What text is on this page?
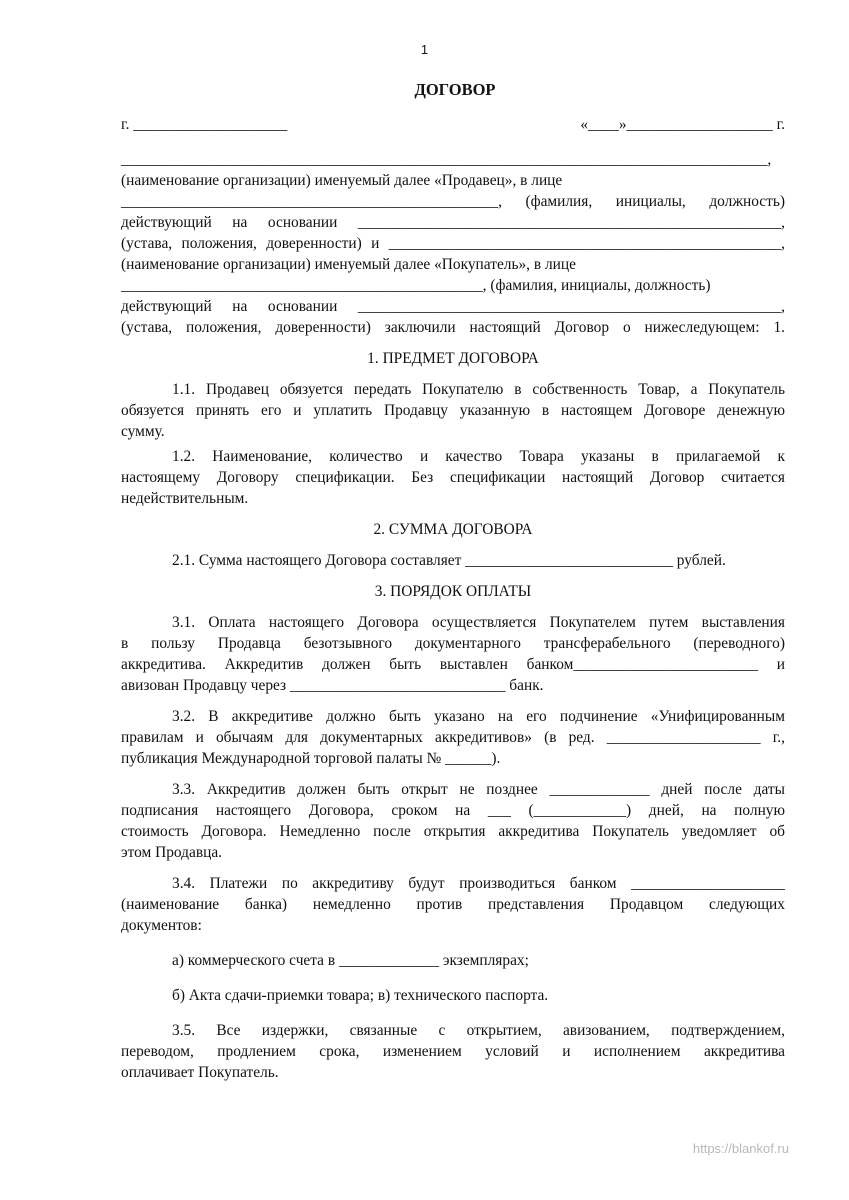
1
ДОГОВОР
г. ____________________	«____»___________________ г.
____________________________________________________________________________________,
(наименование организации) именуемый далее «Продавец», в лице
_________________________________________________, (фамилия, инициалы, должность)
действующий на основании _______________________________________________________,
(устава, положения, доверенности) и ___________________________________________________,
(наименование организации) именуемый далее «Покупатель», в лице
_______________________________________________, (фамилия, инициалы, должность)
действующий на основании _______________________________________________________,
(устава, положения, доверенности) заключили настоящий Договор о нижеследующем: 1.
1. ПРЕДМЕТ ДОГОВОРА
1.1. Продавец обязуется передать Покупателю в собственность Товар, а Покупатель
обязуется принять его и уплатить Продавцу указанную в настоящем Договоре денежную
сумму.
1.2. Наименование, количество и качество Товара указаны в прилагаемой к
настоящему Договору спецификации. Без спецификации настоящий Договор считается
недействительным.
2. СУММА ДОГОВОРА
2.1. Сумма настоящего Договора составляет ___________________________ рублей.
3. ПОРЯДОК ОПЛАТЫ
3.1. Оплата настоящего Договора осуществляется Покупателем путем выставления
в пользу Продавца безотзывного документарного трансферабельного (переводного)
аккредитива. Аккредитив должен быть выставлен банком________________________ и
авизован Продавцу через ____________________________ банк.
3.2. В аккредитиве должно быть указано на его подчинение «Унифицированным
правилам и обычаям для документарных аккредитивов» (в ред. ____________________ г.,
публикация Международной торговой палаты № ______).
3.3. Аккредитив должен быть открыт не позднее _____________ дней после даты
подписания настоящего Договора, сроком на ___ (____________) дней, на полную
стоимость Договора. Немедленно после открытия аккредитива Покупатель уведомляет об
этом Продавца.
3.4. Платежи по аккредитиву будут производиться банком ____________________
(наименование банка) немедленно против представления Продавцом следующих
документов:
а) коммерческого счета в _____________ экземплярах;
б) Акта сдачи-приемки товара; в) технического паспорта.
3.5. Все издержки, связанные с открытием, авизованием, подтверждением,
переводом, продлением срока, изменением условий и исполнением аккредитива
оплачивает Покупатель.
https://blankof.ru
